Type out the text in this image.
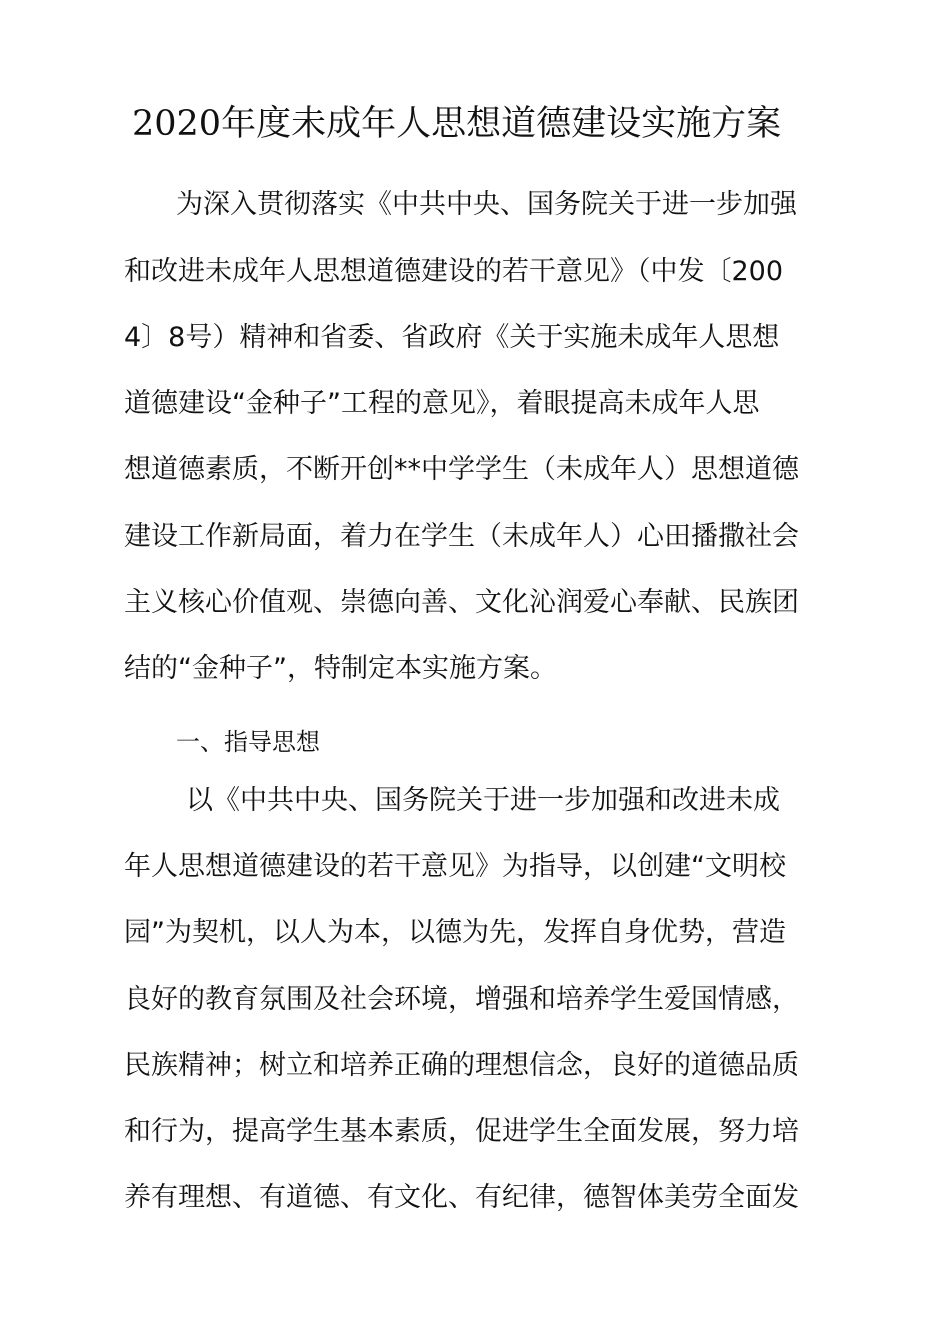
2020年度未成年人思想道德建设实施方案
为深入贯彻落实《中共中央、国务院关于进一步加强
和改进未成年人思想道德建设的若干意见》（中发〔200
4〕8号）精神和省委、省政府《关于实施未成年人思想
道德建设“金种子”工程的意见》，着眼提高未成年人思
想道德素质，不断开创**中学学生（未成年人）思想道德
建设工作新局面，着力在学生（未成年人）心田播撒社会
主义核心价值观、崇德向善、文化沁润爱心奉献、民族团
结的“金种子”，特制定本实施方案。
一、指导思想
以《中共中央、国务院关于进一步加强和改进未成
年人思想道德建设的若干意见》为指导，以创建“文明校
园”为契机，以人为本，以德为先，发挥自身优势，营造
良好的教育氛围及社会环境，增强和培养学生爱国情感，
民族精神；树立和培养正确的理想信念，良好的道德品质
和行为，提高学生基本素质，促进学生全面发展，努力培
养有理想、有道德、有文化、有纪律，德智体美劳全面发
